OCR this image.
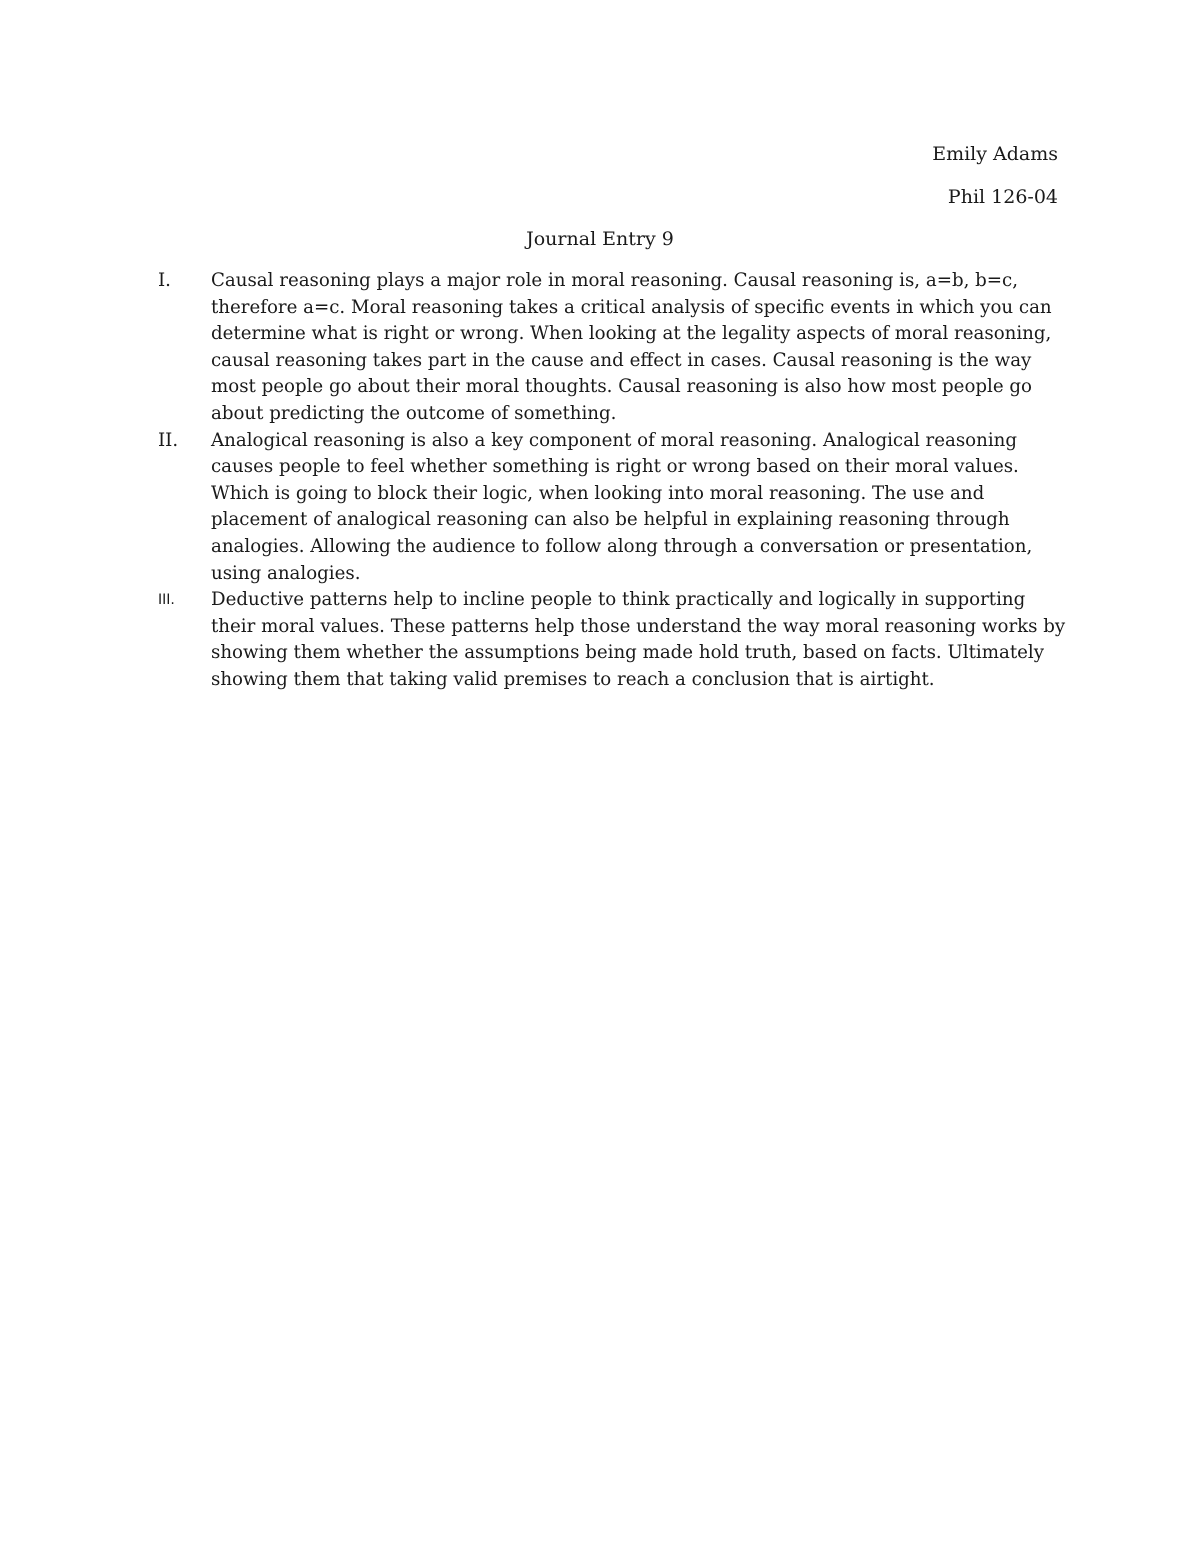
Emily Adams
Phil 126-04
Journal Entry 9
I.	Causal reasoning plays a major role in moral reasoning. Causal reasoning is, a=b, b=c, therefore a=c. Moral reasoning takes a critical analysis of specific events in which you can determine what is right or wrong. When looking at the legality aspects of moral reasoning, causal reasoning takes part in the cause and effect in cases. Causal reasoning is the way most people go about their moral thoughts. Causal reasoning is also how most people go about predicting the outcome of something.
II.	Analogical reasoning is also a key component of moral reasoning. Analogical reasoning causes people to feel whether something is right or wrong based on their moral values. Which is going to block their logic, when looking into moral reasoning. The use and placement of analogical reasoning can also be helpful in explaining reasoning through analogies. Allowing the audience to follow along through a conversation or presentation, using analogies.
III.	Deductive patterns help to incline people to think practically and logically in supporting their moral values. These patterns help those understand the way moral reasoning works by showing them whether the assumptions being made hold truth, based on facts. Ultimately showing them that taking valid premises to reach a conclusion that is airtight.
